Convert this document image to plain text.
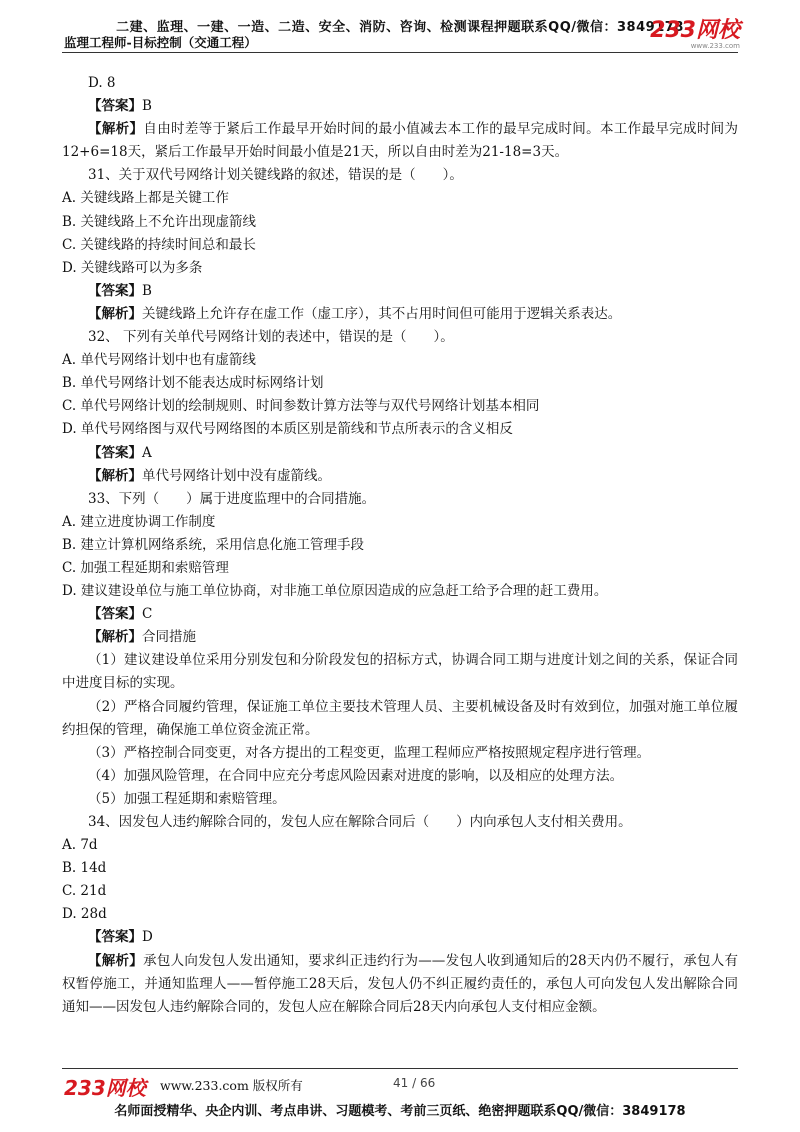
二建、监理、一建、一造、二造、安全、消防、咨询、检测课程押题联系QQ/微信：3849178
监理工程师-目标控制（交通工程）	233网校
www.233.com
D. 8
【答案】B
【解析】自由时差等于紧后工作最早开始时间的最小值减去本工作的最早完成时间。本工作最早完成时间为12+6=18天，紧后工作最早开始时间最小值是21天，所以自由时差为21-18=3天。
31、关于双代号网络计划关键线路的叙述，错误的是（　　）。
A. 关键线路上都是关键工作
B. 关键线路上不允许出现虚箭线
C. 关键线路的持续时间总和最长
D. 关键线路可以为多条
【答案】B
【解析】关键线路上允许存在虚工作（虚工序），其不占用时间但可能用于逻辑关系表达。
32、 下列有关单代号网络计划的表述中，错误的是（　　）。
A. 单代号网络计划中也有虚箭线
B. 单代号网络计划不能表达成时标网络计划
C. 单代号网络计划的绘制规则、时间参数计算方法等与双代号网络计划基本相同
D. 单代号网络图与双代号网络图的本质区别是箭线和节点所表示的含义相反
【答案】A
【解析】单代号网络计划中没有虚箭线。
33、下列（　　）属于进度监理中的合同措施。
A. 建立进度协调工作制度
B. 建立计算机网络系统，采用信息化施工管理手段
C. 加强工程延期和索赔管理
D. 建议建设单位与施工单位协商，对非施工单位原因造成的应急赶工给予合理的赶工费用。
【答案】C
【解析】合同措施
（1）建议建设单位采用分别发包和分阶段发包的招标方式，协调合同工期与进度计划之间的关系，保证合同中进度目标的实现。
（2）严格合同履约管理，保证施工单位主要技术管理人员、主要机械设备及时有效到位，加强对施工单位履约担保的管理，确保施工单位资金流正常。
（3）严格控制合同变更，对各方提出的工程变更，监理工程师应严格按照规定程序进行管理。
（4）加强风险管理，在合同中应充分考虑风险因素对进度的影响，以及相应的处理方法。
（5）加强工程延期和索赔管理。
34、因发包人违约解除合同的，发包人应在解除合同后（　　）内向承包人支付相关费用。
A. 7d
B. 14d
C. 21d
D. 28d
【答案】D
【解析】承包人向发包人发出通知，要求纠正违约行为——发包人收到通知后的28天内仍不履行，承包人有权暂停施工，并通知监理人——暂停施工28天后，发包人仍不纠正履约责任的，承包人可向发包人发出解除合同通知——因发包人违约解除合同的，发包人应在解除合同后28天内向承包人支付相应金额。
233网校 www.233.com 版权所有	41 / 66
名师面授精华、央企内训、考点串讲、习题模考、考前三页纸、绝密押题联系QQ/微信：3849178
